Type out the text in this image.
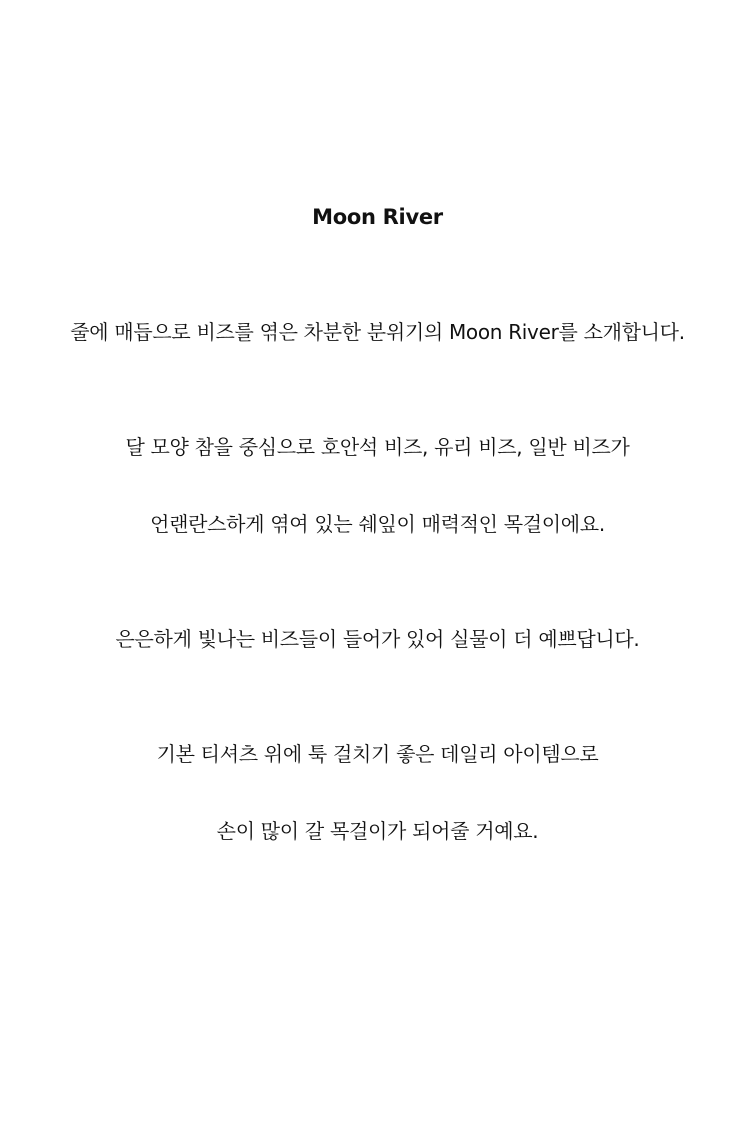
Moon River
줄에 매듭으로 비즈를 엮은 차분한 분위기의 Moon River를 소개합니다.
달 모양 참을 중심으로 호안석 비즈, 유리 비즈, 일반 비즈가
언랜란스하게 엮여 있는 쉐잎이 매력적인 목걸이에요.
은은하게 빛나는 비즈들이 들어가 있어 실물이 더 예쁘답니다.
기본 티셔츠 위에 툭 걸치기 좋은 데일리 아이템으로
손이 많이 갈 목걸이가 되어줄 거예요.
